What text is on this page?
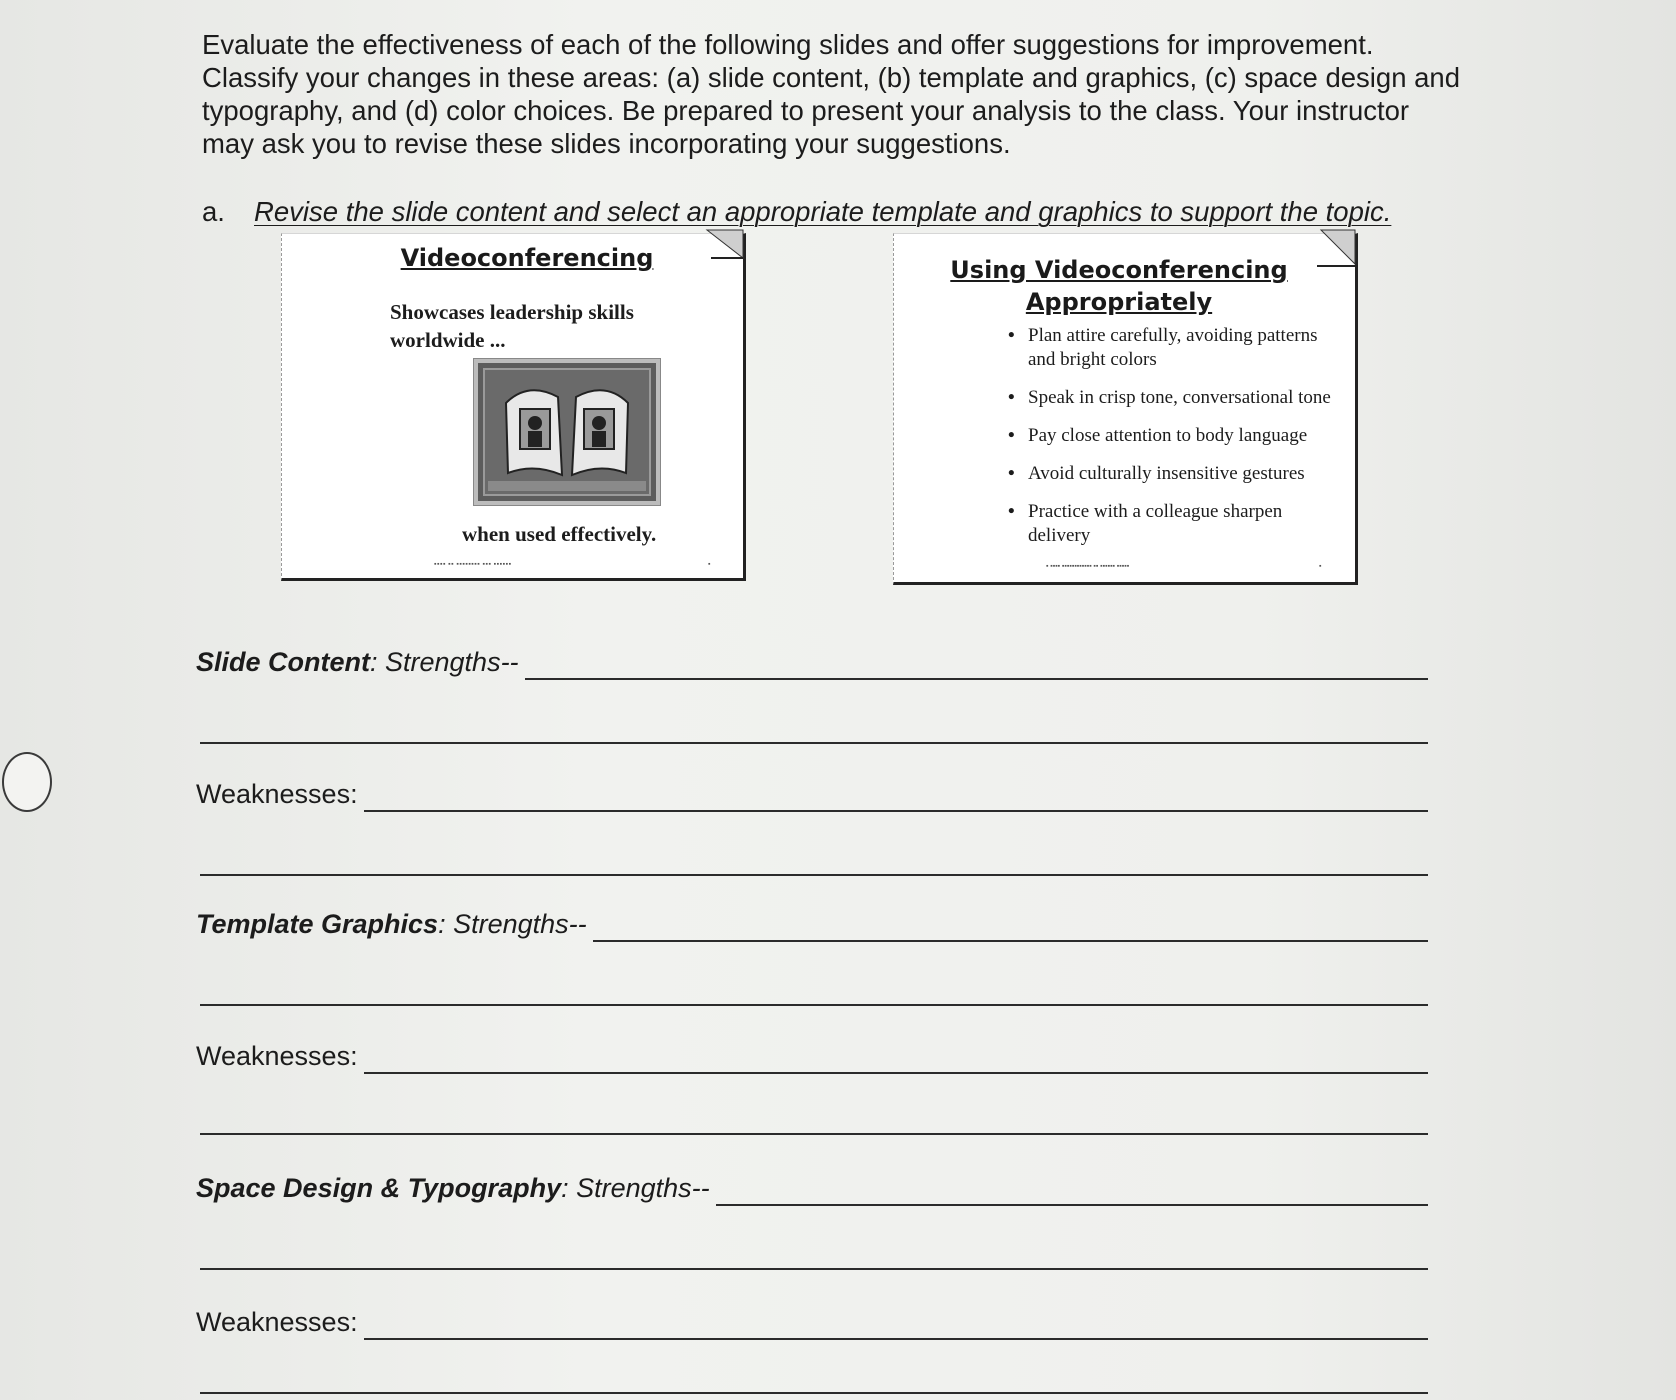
Evaluate the effectiveness of each of the following slides and offer suggestions for improvement. Classify your changes in these areas: (a) slide content, (b) template and graphics, (c) space design and typography, and (d) color choices. Be prepared to present your analysis to the class. Your instructor may ask you to revise these slides incorporating your suggestions.

a. Revise the slide content and select an appropriate template and graphics to support the topic.
Videoconferencing
Showcases leadership skills
worldwide ...
when used effectively.
▪▪▪▪ ▪▪ ▪▪▪▪▪▪▪▪ ▪▪▪ ▪▪▪▪▪▪	▪
Using Videoconferencing
Appropriately
• Plan attire carefully, avoiding patterns and bright colors
• Speak in crisp tone, conversational tone
• Pay close attention to body language
• Avoid culturally insensitive gestures
• Practice with a colleague sharpen delivery
▪ ▪▪▪▪ ▪▪▪▪▪▪▪▪▪▪▪▪ ▪▪ ▪▪▪▪▪▪ ▪▪▪▪▪	▪
Slide Content: Strengths--
Weaknesses:
Template Graphics: Strengths--
Weaknesses:
Space Design & Typography: Strengths--
Weaknesses:
